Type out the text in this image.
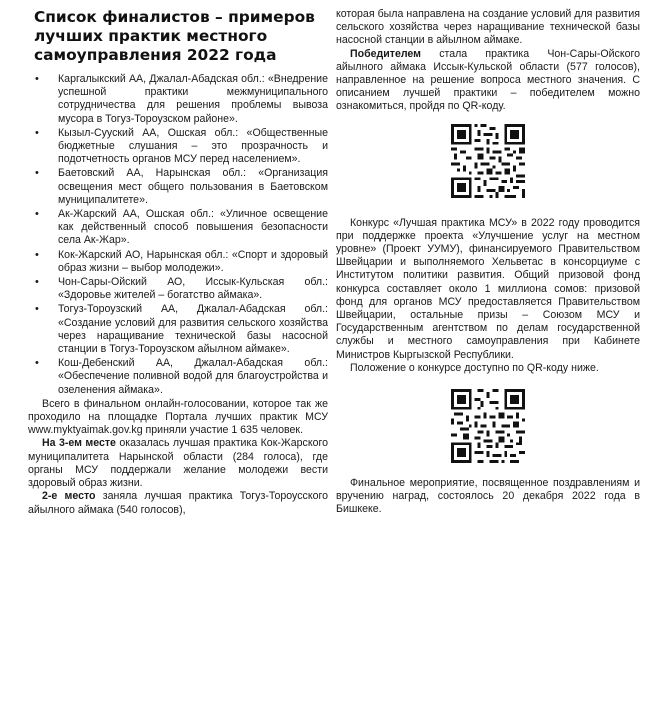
Список финалистов – примеров лучших практик местного самоуправления 2022 года
• Каргалыкский АА, Джалал-Абадская обл.: «Внедрение успешной практики межмуниципального сотрудничества для решения проблемы вывоза мусора в Тогуз-Тороузском районе».
• Кызыл-Сууский АА, Ошская обл.: «Общественные бюджетные слушания – это прозрачность и подотчетность органов МСУ перед населением».
• Баетовский АА, Нарынская обл.: «Организация освещения мест общего пользования в Баетовском муниципалитете».
• Ак-Жарский АА, Ошская обл.: «Уличное освещение как действенный способ повышения безопасности села Ак-Жар».
• Кок-Жарский АО, Нарынская обл.: «Спорт и здоровый образ жизни – выбор молодежи».
• Чон-Сары-Ойский АО, Иссык-Кульская обл.: «Здоровье жителей – богатство аймака».
• Тогуз-Тороузский АА, Джалал-Абадская обл.: «Создание условий для развития сельского хозяйства через наращивание технической базы насосной станции в Тогуз-Тороузском айылном аймаке».
• Кош-Дебенский АА, Джалал-Абадская обл.: «Обеспечение поливной водой для благоустройства и озеленения аймака».

Всего в финальном онлайн-голосовании, которое так же проходило на площадке Портала лучших практик МСУ www.myktyaimak.gov.kg приняли участие 1 635 человек.

На 3-ем месте оказалась лучшая практика Кок-Жарского муниципалитета Нарынской области (284 голоса), где органы МСУ поддержали желание молодежи вести здоровый образ жизни.

2-е место заняла лучшая практика Тогуз-Тороусского айылного аймака (540 голосов),

которая была направлена на создание условий для развития сельского хозяйства через наращивание технической базы насосной станции в айылном аймаке.

Победителем стала практика Чон-Сары-Ойского айылного аймака Иссык-Кульской области (577 голосов), направленное на решение вопроса местного значения. С описанием лучшей практики – победителем можно ознакомиться, пройдя по QR-коду.

Конкурс «Лучшая практика МСУ» в 2022 году проводится при поддержке проекта «Улучшение услуг на местном уровне» (Проект УУМУ), финансируемого Правительством Швейцарии и выполняемого Хельветас в консорциуме с Институтом политики развития. Общий призовой фонд конкурса составляет около 1 миллиона сомов: призовой фонд для органов МСУ предоставляется Правительством Швейцарии, остальные призы – Союзом МСУ и Государственным агентством по делам государственной службы и местного самоуправления при Кабинете Министров Кыргызской Республики.

Положение о конкурсе доступно по QR-коду ниже.

Финальное мероприятие, посвященное поздравлениям и вручению наград, состоялось 20 декабря 2022 года в Бишкеке.
